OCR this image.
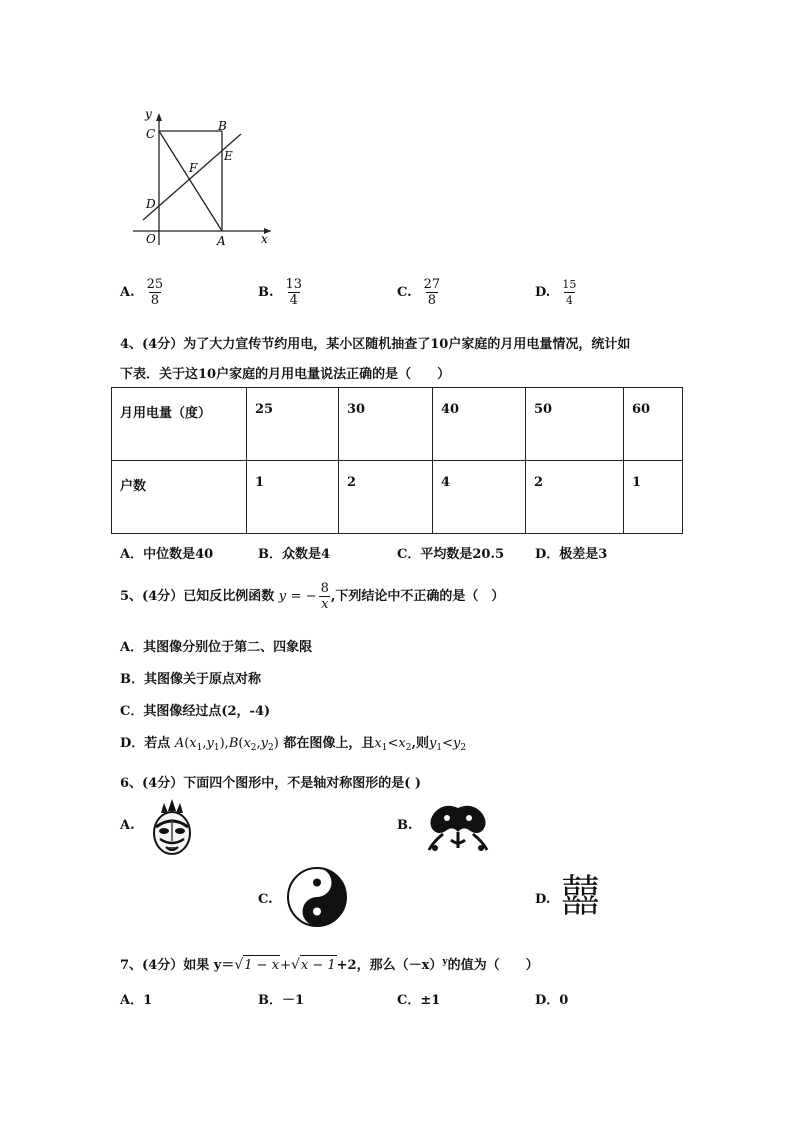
y
x
O	A
B
C
D
E
F
A. $\frac{25}{8}$	B. $\frac{13}{4}$	C. $\frac{27}{8}$	D. $\frac{15}{4}$
4、(4分）为了大力宣传节约用电，某小区随机抽查了10户家庭的月用电量情况，统计如
下表．关于这10户家庭的月用电量说法正确的是（　　）
月用电量（度）	25	30	40	50	60
户数	1	2	4	2	1
A．中位数是40	B．众数是4	C．平均数是20.5 D．极差是3
5、(4分）已知反比例函数 y = − $\frac{8}{x}$ ,下列结论中不正确的是（　）
A．其图像分别位于第二、四象限
B．其图像关于原点对称
C．其图像经过点(2，-4)
D．若点 $A(x_1,y_1),B(x_2,y_2)$ 都在图像上，且$x_1<x_2$,则$y_1<y_2$
6、(4分）下面四个图形中，不是轴对称图形的是( )
A.	B.
C.	D. 囍
7、(4分）如果 y＝√1 − x+√x − 1+2，那么$(-x)^y$的值为（　　）
A．1	B．－1	C．±1	D．0
